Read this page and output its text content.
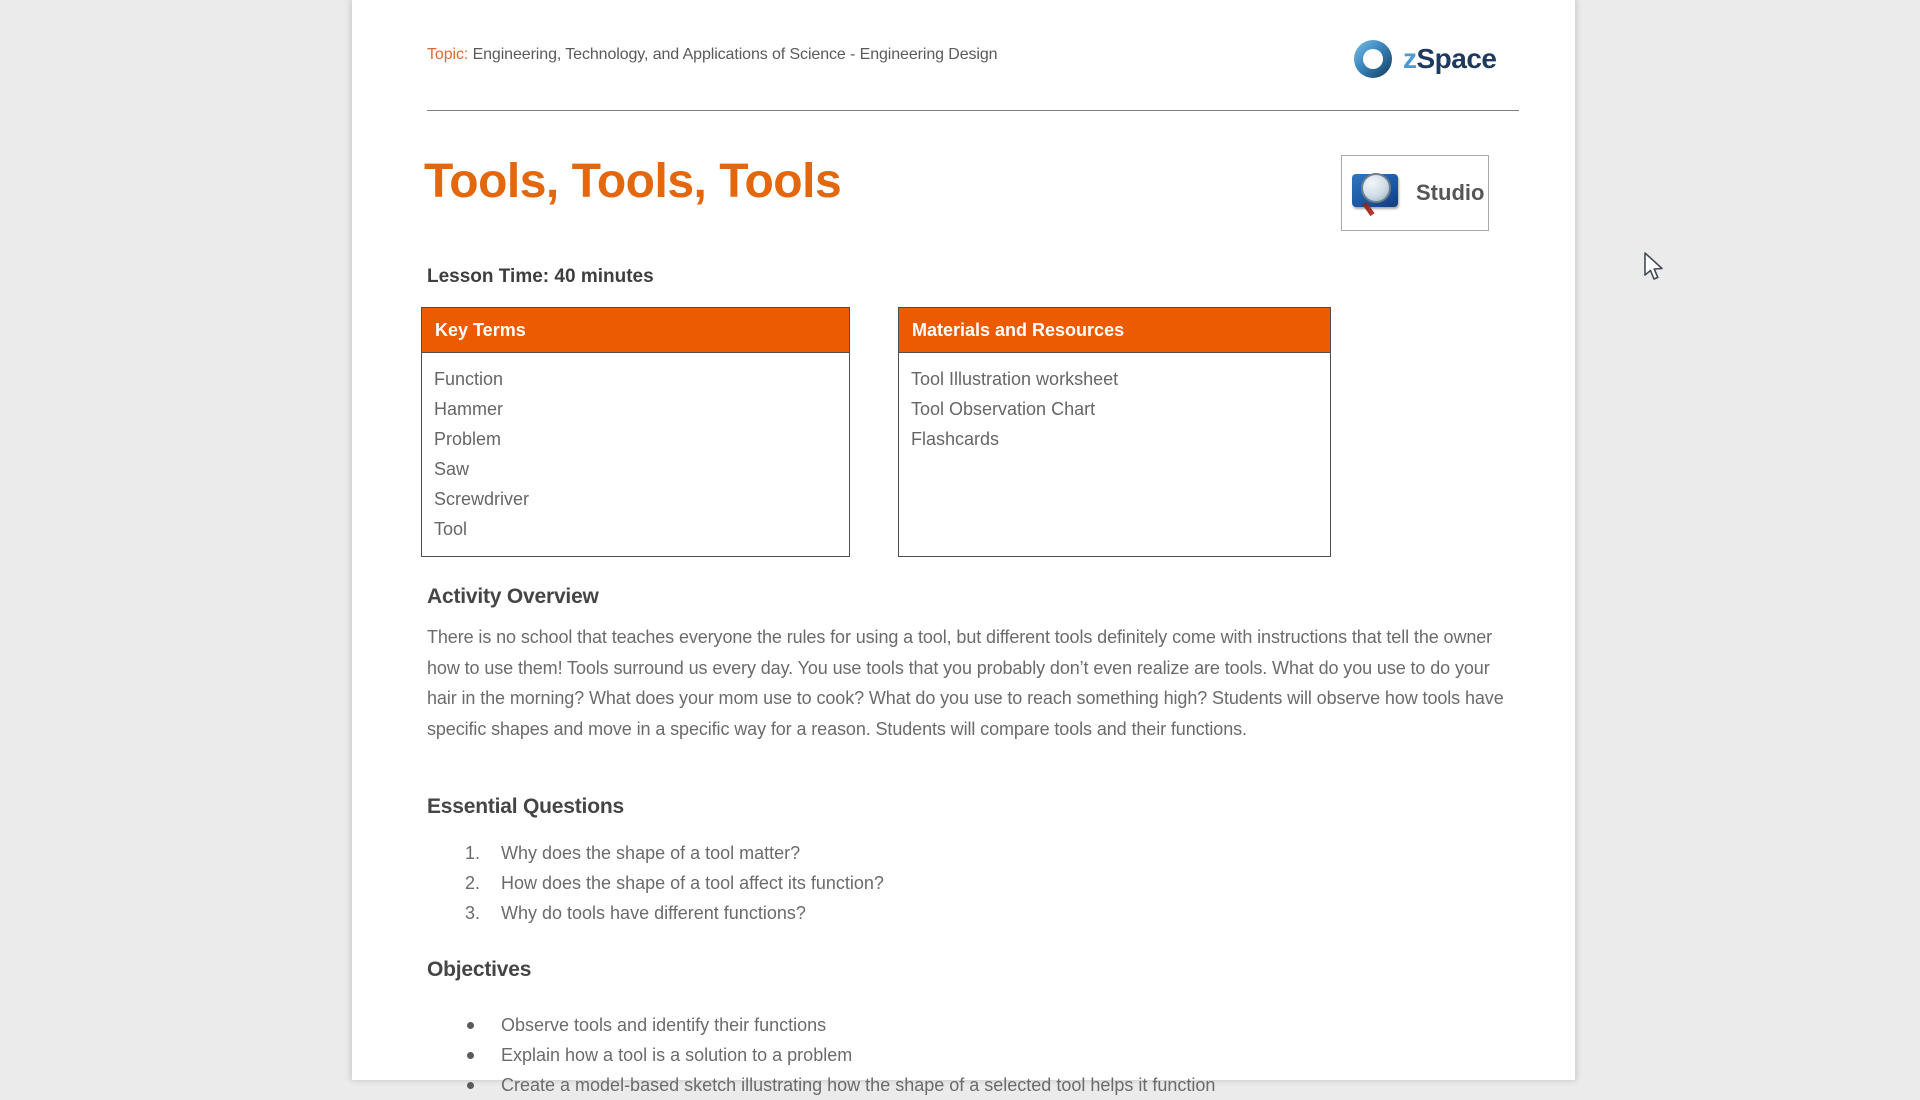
Topic: Engineering, Technology, and Applications of Science - Engineering Design	zSpace
Tools, Tools, Tools	Studio
Lesson Time: 40 minutes
Key Terms
Function
Hammer
Problem
Saw
Screwdriver
Tool
Materials and Resources
Tool Illustration worksheet
Tool Observation Chart
Flashcards
Activity Overview

There is no school that teaches everyone the rules for using a tool, but different tools definitely come with instructions that tell the owner how to use them! Tools surround us every day. You use tools that you probably don’t even realize are tools. What do you use to do your hair in the morning? What does your mom use to cook? What do you use to reach something high? Students will observe how tools have specific shapes and move in a specific way for a reason. Students will compare tools and their functions.

Essential Questions
1.	Why does the shape of a tool matter?
2.	How does the shape of a tool affect its function?
3.	Why do tools have different functions?
Objectives
Observe tools and identify their functions
Explain how a tool is a solution to a problem
Create a model-based sketch illustrating how the shape of a selected tool helps it function
